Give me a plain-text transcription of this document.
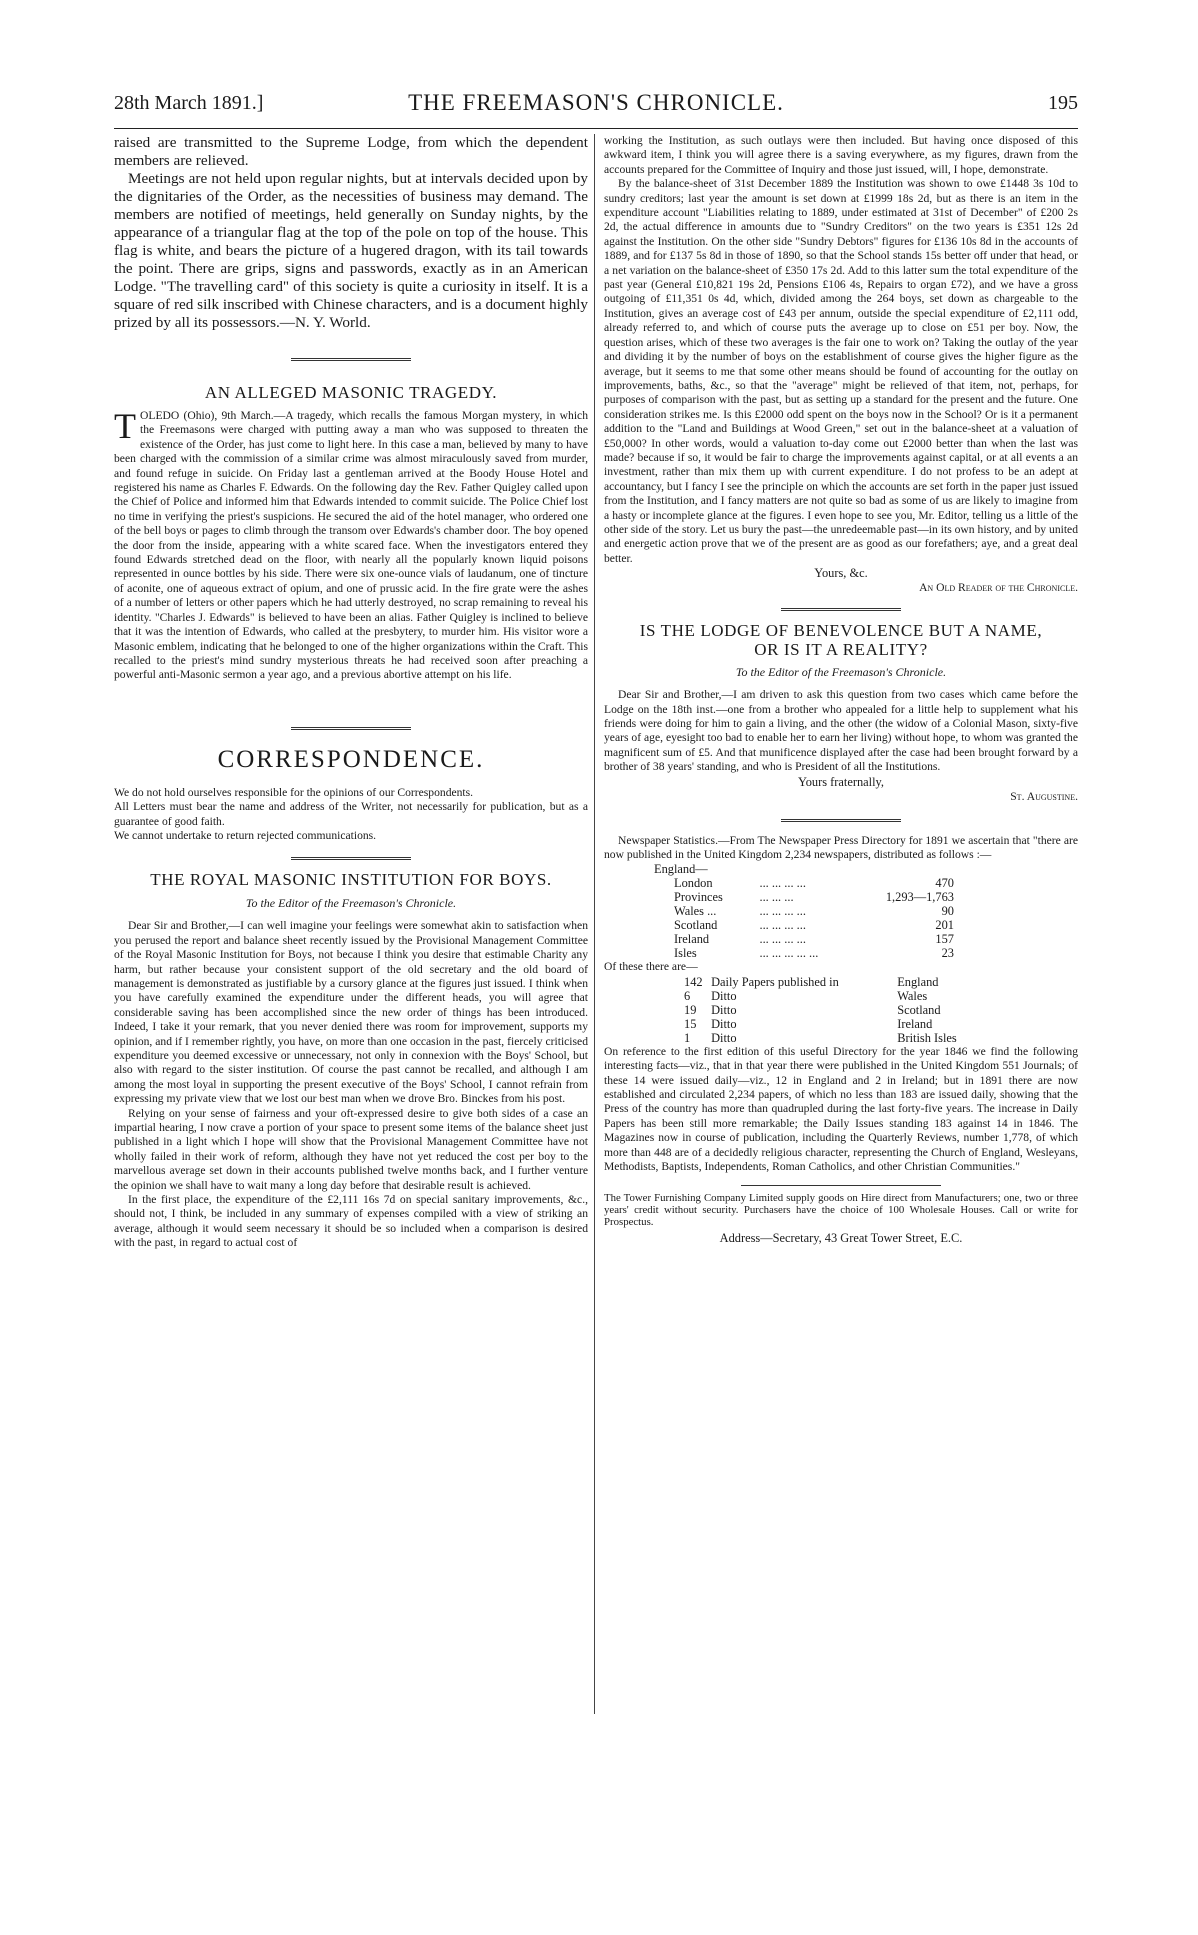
28th March 1891.]	THE FREEMASON'S CHRONICLE.	195

raised are transmitted to the Supreme Lodge, from which the dependent members are relieved.

Meetings are not held upon regular nights, but at intervals decided upon by the dignitaries of the Order, as the necessities of business may demand. The members are notified of meetings, held generally on Sunday nights, by the appearance of a triangular flag at the top of the pole on top of the house. This flag is white, and bears the picture of a hugered dragon, with its tail towards the point. There are grips, signs and passwords, exactly as in an American Lodge. "The travelling card" of this society is quite a curiosity in itself. It is a square of red silk inscribed with Chinese characters, and is a document highly prized by all its possessors.—N. Y. World.

AN ALLEGED MASONIC TRAGEDY.

TOLEDO (Ohio), 9th March.—A tragedy, which recalls the famous Morgan mystery, in which the Freemasons were charged with putting away a man who was supposed to threaten the existence of the Order, has just come to light here. In this case a man, believed by many to have been charged with the commission of a similar crime was almost miraculously saved from murder, and found refuge in suicide. On Friday last a gentleman arrived at the Boody House Hotel and registered his name as Charles F. Edwards. On the following day the Rev. Father Quigley called upon the Chief of Police and informed him that Edwards intended to commit suicide. The Police Chief lost no time in verifying the priest's suspicions. He secured the aid of the hotel manager, who ordered one of the bell boys or pages to climb through the transom over Edwards's chamber door. The boy opened the door from the inside, appearing with a white scared face. When the investigators entered they found Edwards stretched dead on the floor, with nearly all the popularly known liquid poisons represented in ounce bottles by his side. There were six one-ounce vials of laudanum, one of tincture of aconite, one of aqueous extract of opium, and one of prussic acid. In the fire grate were the ashes of a number of letters or other papers which he had utterly destroyed, no scrap remaining to reveal his identity. "Charles J. Edwards" is believed to have been an alias. Father Quigley is inclined to believe that it was the intention of Edwards, who called at the presbytery, to murder him. His visitor wore a Masonic emblem, indicating that he belonged to one of the higher organizations within the Craft. This recalled to the priest's mind sundry mysterious threats he had received soon after preaching a powerful anti-Masonic sermon a year ago, and a previous abortive attempt on his life.

CORRESPONDENCE.

We do not hold ourselves responsible for the opinions of our Correspondents.

All Letters must bear the name and address of the Writer, not necessarily for publication, but as a guarantee of good faith.

We cannot undertake to return rejected communications.

THE ROYAL MASONIC INSTITUTION FOR BOYS.
To the Editor of the Freemason's Chronicle.

Dear Sir and Brother,—I can well imagine your feelings were somewhat akin to satisfaction when you perused the report and balance sheet recently issued by the Provisional Management Committee of the Royal Masonic Institution for Boys, not because I think you desire that estimable Charity any harm, but rather because your consistent support of the old secretary and the old board of management is demonstrated as justifiable by a cursory glance at the figures just issued. I think when you have carefully examined the expenditure under the different heads, you will agree that considerable saving has been accomplished since the new order of things has been introduced. Indeed, I take it your remark, that you never denied there was room for improvement, supports my opinion, and if I remember rightly, you have, on more than one occasion in the past, fiercely criticised expenditure you deemed excessive or unnecessary, not only in connexion with the Boys' School, but also with regard to the sister institution. Of course the past cannot be recalled, and although I am among the most loyal in supporting the present executive of the Boys' School, I cannot refrain from expressing my private view that we lost our best man when we drove Bro. Binckes from his post.

Relying on your sense of fairness and your oft-expressed desire to give both sides of a case an impartial hearing, I now crave a portion of your space to present some items of the balance sheet just published in a light which I hope will show that the Provisional Management Committee have not wholly failed in their work of reform, although they have not yet reduced the cost per boy to the marvellous average set down in their accounts published twelve months back, and I further venture the opinion we shall have to wait many a long day before that desirable result is achieved.

In the first place, the expenditure of the £2,111 16s 7d on special sanitary improvements, &c., should not, I think, be included in any summary of expenses compiled with a view of striking an average, although it would seem necessary it should be so included when a comparison is desired with the past, in regard to actual cost of

working the Institution, as such outlays were then included. But having once disposed of this awkward item, I think you will agree there is a saving everywhere, as my figures, drawn from the accounts prepared for the Committee of Inquiry and those just issued, will, I hope, demonstrate.

By the balance-sheet of 31st December 1889 the Institution was shown to owe £1448 3s 10d to sundry creditors; last year the amount is set down at £1999 18s 2d, but as there is an item in the expenditure account "Liabilities relating to 1889, under estimated at 31st of December" of £200 2s 2d, the actual difference in amounts due to "Sundry Creditors" on the two years is £351 12s 2d against the Institution. On the other side "Sundry Debtors" figures for £136 10s 8d in the accounts of 1889, and for £137 5s 8d in those of 1890, so that the School stands 15s better off under that head, or a net variation on the balance-sheet of £350 17s 2d. Add to this latter sum the total expenditure of the past year (General £10,821 19s 2d, Pensions £106 4s, Repairs to organ £72), and we have a gross outgoing of £11,351 0s 4d, which, divided among the 264 boys, set down as chargeable to the Institution, gives an average cost of £43 per annum, outside the special expenditure of £2,111 odd, already referred to, and which of course puts the average up to close on £51 per boy. Now, the question arises, which of these two averages is the fair one to work on? Taking the outlay of the year and dividing it by the number of boys on the establishment of course gives the higher figure as the average, but it seems to me that some other means should be found of accounting for the outlay on improvements, baths, &c., so that the "average" might be relieved of that item, not, perhaps, for purposes of comparison with the past, but as setting up a standard for the present and the future. One consideration strikes me. Is this £2000 odd spent on the boys now in the School? Or is it a permanent addition to the "Land and Buildings at Wood Green," set out in the balance-sheet at a valuation of £50,000? In other words, would a valuation to-day come out £2000 better than when the last was made? because if so, it would be fair to charge the improvements against capital, or at all events a an investment, rather than mix them up with current expenditure. I do not profess to be an adept at accountancy, but I fancy I see the principle on which the accounts are set forth in the paper just issued from the Institution, and I fancy matters are not quite so bad as some of us are likely to imagine from a hasty or incomplete glance at the figures. I even hope to see you, Mr. Editor, telling us a little of the other side of the story. Let us bury the past—the unredeemable past—in its own history, and by united and energetic action prove that we of the present are as good as our forefathers; aye, and a great deal better.

Yours, &c.
An Old Reader of the Chronicle.
IS THE LODGE OF BENEVOLENCE BUT A NAME,
OR IS IT A REALITY?
To the Editor of the Freemason's Chronicle.

Dear Sir and Brother,—I am driven to ask this question from two cases which came before the Lodge on the 18th inst.—one from a brother who appealed for a little help to supplement what his friends were doing for him to gain a living, and the other (the widow of a Colonial Mason, sixty-five years of age, eyesight too bad to enable her to earn her living) without hope, to whom was granted the magnificent sum of £5. And that munificence displayed after the case had been brought forward by a brother of 38 years' standing, and who is President of all the Institutions.

Yours fraternally,
St. Augustine.

Newspaper Statistics.—From The Newspaper Press Directory for 1891 we ascertain that "there are now published in the United Kingdom 2,234 newspapers, distributed as follows :—

England—		
London	... ... ... ...	470
Provinces	... ... ...	1,293—1,763
Wales ...	... ... ... ...	90
Scotland	... ... ... ...	201
Ireland	... ... ... ...	157
Isles	... ... ... ... ...	23
Of these there are—
142	Daily Papers published in	England
6	Ditto	Wales
19	Ditto	Scotland
15	Ditto	Ireland
1	Ditto	British Isles

On reference to the first edition of this useful Directory for the year 1846 we find the following interesting facts—viz., that in that year there were published in the United Kingdom 551 Journals; of these 14 were issued daily—viz., 12 in England and 2 in Ireland; but in 1891 there are now established and circulated 2,234 papers, of which no less than 183 are issued daily, showing that the Press of the country has more than quadrupled during the last forty-five years. The increase in Daily Papers has been still more remarkable; the Daily Issues standing 183 against 14 in 1846. The Magazines now in course of publication, including the Quarterly Reviews, number 1,778, of which more than 448 are of a decidedly religious character, representing the Church of England, Wesleyans, Methodists, Baptists, Independents, Roman Catholics, and other Christian Communities."

The Tower Furnishing Company Limited supply goods on Hire direct from Manufacturers; one, two or three years' credit without security. Purchasers have the choice of 100 Wholesale Houses. Call or write for Prospectus.

Address—Secretary, 43 Great Tower Street, E.C.
